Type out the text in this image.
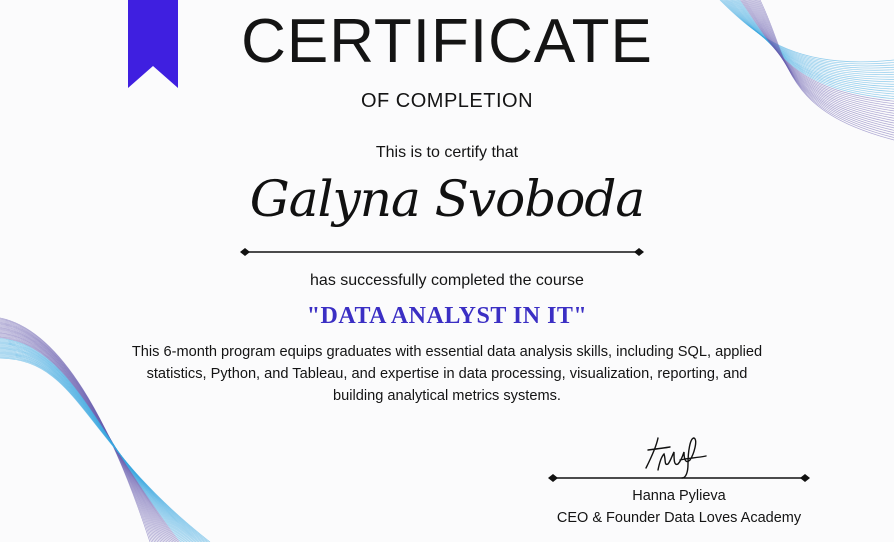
CERTIFICATE
OF COMPLETION
This is to certify that
Galyna Svoboda
has successfully completed the course
"DATA ANALYST IN IT"
This 6-month program equips graduates with essential data analysis skills, including SQL, applied statistics, Python, and Tableau, and expertise in data processing, visualization, reporting, and building analytical metrics systems.
Hanna Pylieva
CEO & Founder Data Loves Academy
